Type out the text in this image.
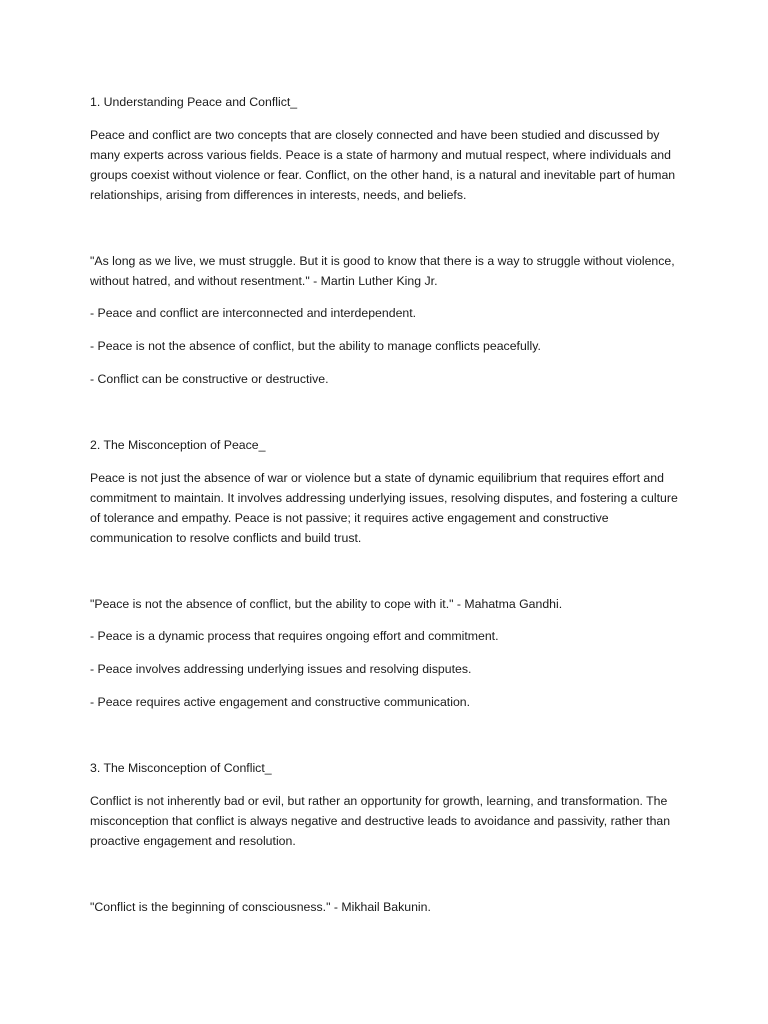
1. Understanding Peace and Conflict_

Peace and conflict are two concepts that are closely connected and have been studied and discussed by many experts across various fields. Peace is a state of harmony and mutual respect, where individuals and groups coexist without violence or fear. Conflict, on the other hand, is a natural and inevitable part of human relationships, arising from differences in interests, needs, and beliefs.

"As long as we live, we must struggle. But it is good to know that there is a way to struggle without violence, without hatred, and without resentment." - Martin Luther King Jr.

- Peace and conflict are interconnected and interdependent.

- Peace is not the absence of conflict, but the ability to manage conflicts peacefully.

- Conflict can be constructive or destructive.

2. The Misconception of Peace_

Peace is not just the absence of war or violence but a state of dynamic equilibrium that requires effort and commitment to maintain. It involves addressing underlying issues, resolving disputes, and fostering a culture of tolerance and empathy. Peace is not passive; it requires active engagement and constructive communication to resolve conflicts and build trust.

"Peace is not the absence of conflict, but the ability to cope with it." - Mahatma Gandhi.

- Peace is a dynamic process that requires ongoing effort and commitment.

- Peace involves addressing underlying issues and resolving disputes.

- Peace requires active engagement and constructive communication.

3. The Misconception of Conflict_

Conflict is not inherently bad or evil, but rather an opportunity for growth, learning, and transformation. The misconception that conflict is always negative and destructive leads to avoidance and passivity, rather than proactive engagement and resolution.

"Conflict is the beginning of consciousness." - Mikhail Bakunin.
